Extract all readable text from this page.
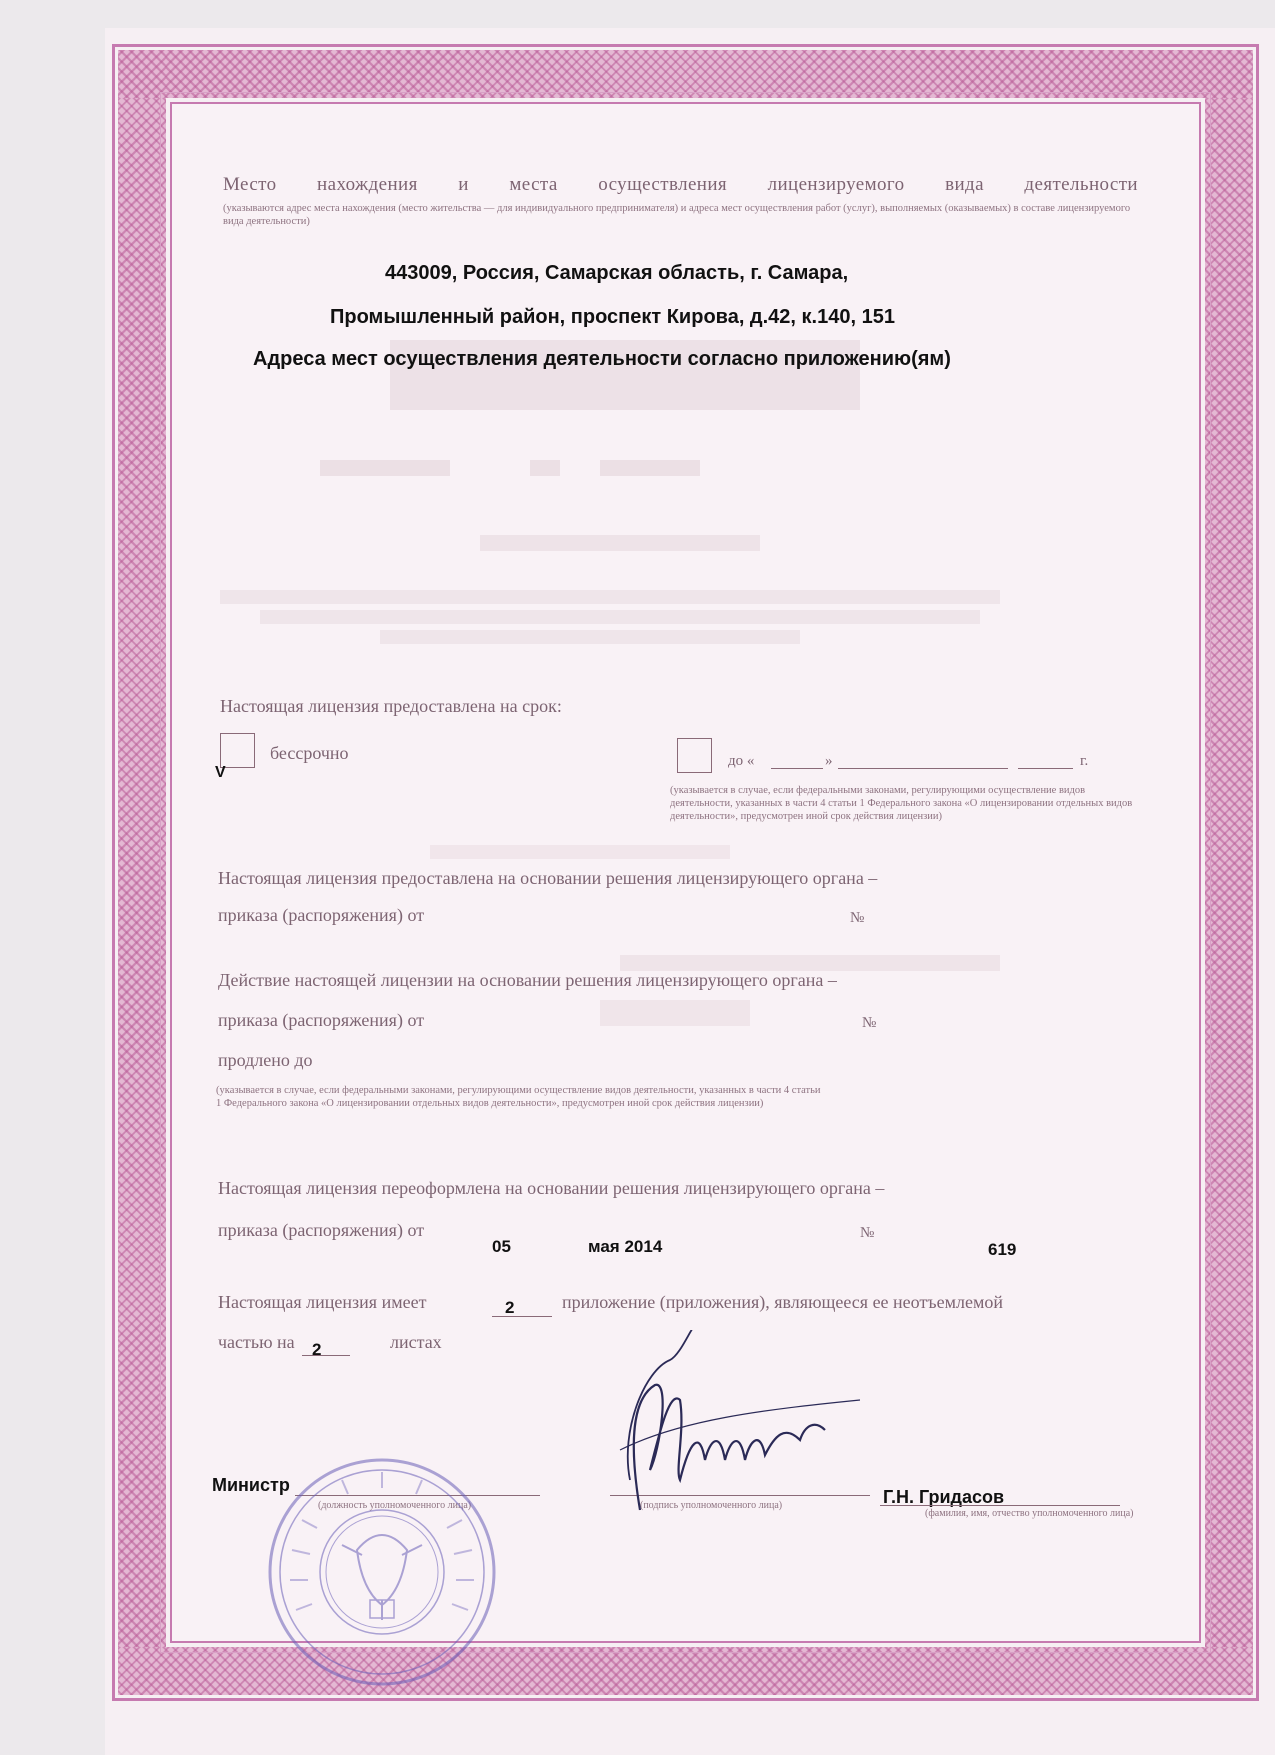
Место нахождения и места осуществления лицензируемого вида деятельности
(указываются адрес места нахождения (место жительства — для индивидуального предпринимателя) и адреса мест осуществления работ (услуг), выполняемых (оказываемых) в составе лицензируемого вида деятельности)
443009, Россия, Самарская область, г. Самара,
Промышленный район, проспект Кирова, д.42, к.140, 151
Адреса мест осуществления деятельности согласно приложению(ям)
Настоящая лицензия предоставлена на срок:
V
бессрочно	до «	»	г.
(указывается в случае, если федеральными законами, регулирующими осуществление видов деятельности, указанных в части 4 статьи 1 Федерального закона «О лицензировании отдельных видов деятельности», предусмотрен иной срок действия лицензии)
Настоящая лицензия предоставлена на основании решения лицензирующего органа –
приказа (распоряжения) от	№
Действие настоящей лицензии на основании решения лицензирующего органа –
приказа (распоряжения) от	№
продлено до
(указывается в случае, если федеральными законами, регулирующими осуществление видов деятельности, указанных в части 4 статьи 1 Федерального закона «О лицензировании отдельных видов деятельности», предусмотрен иной срок действия лицензии)
Настоящая лицензия переоформлена на основании решения лицензирующего органа –
приказа (распоряжения) от
05	мая 2014
№
619
Настоящая лицензия имеет	2	приложение (приложения), являющееся ее неотъемлемой
частью на 2	листах
Министр
(должность уполномоченного лица)	(подпись уполномоченного лица)	Г.Н. Гридасов
(фамилия, имя, отчество уполномоченного лица)
